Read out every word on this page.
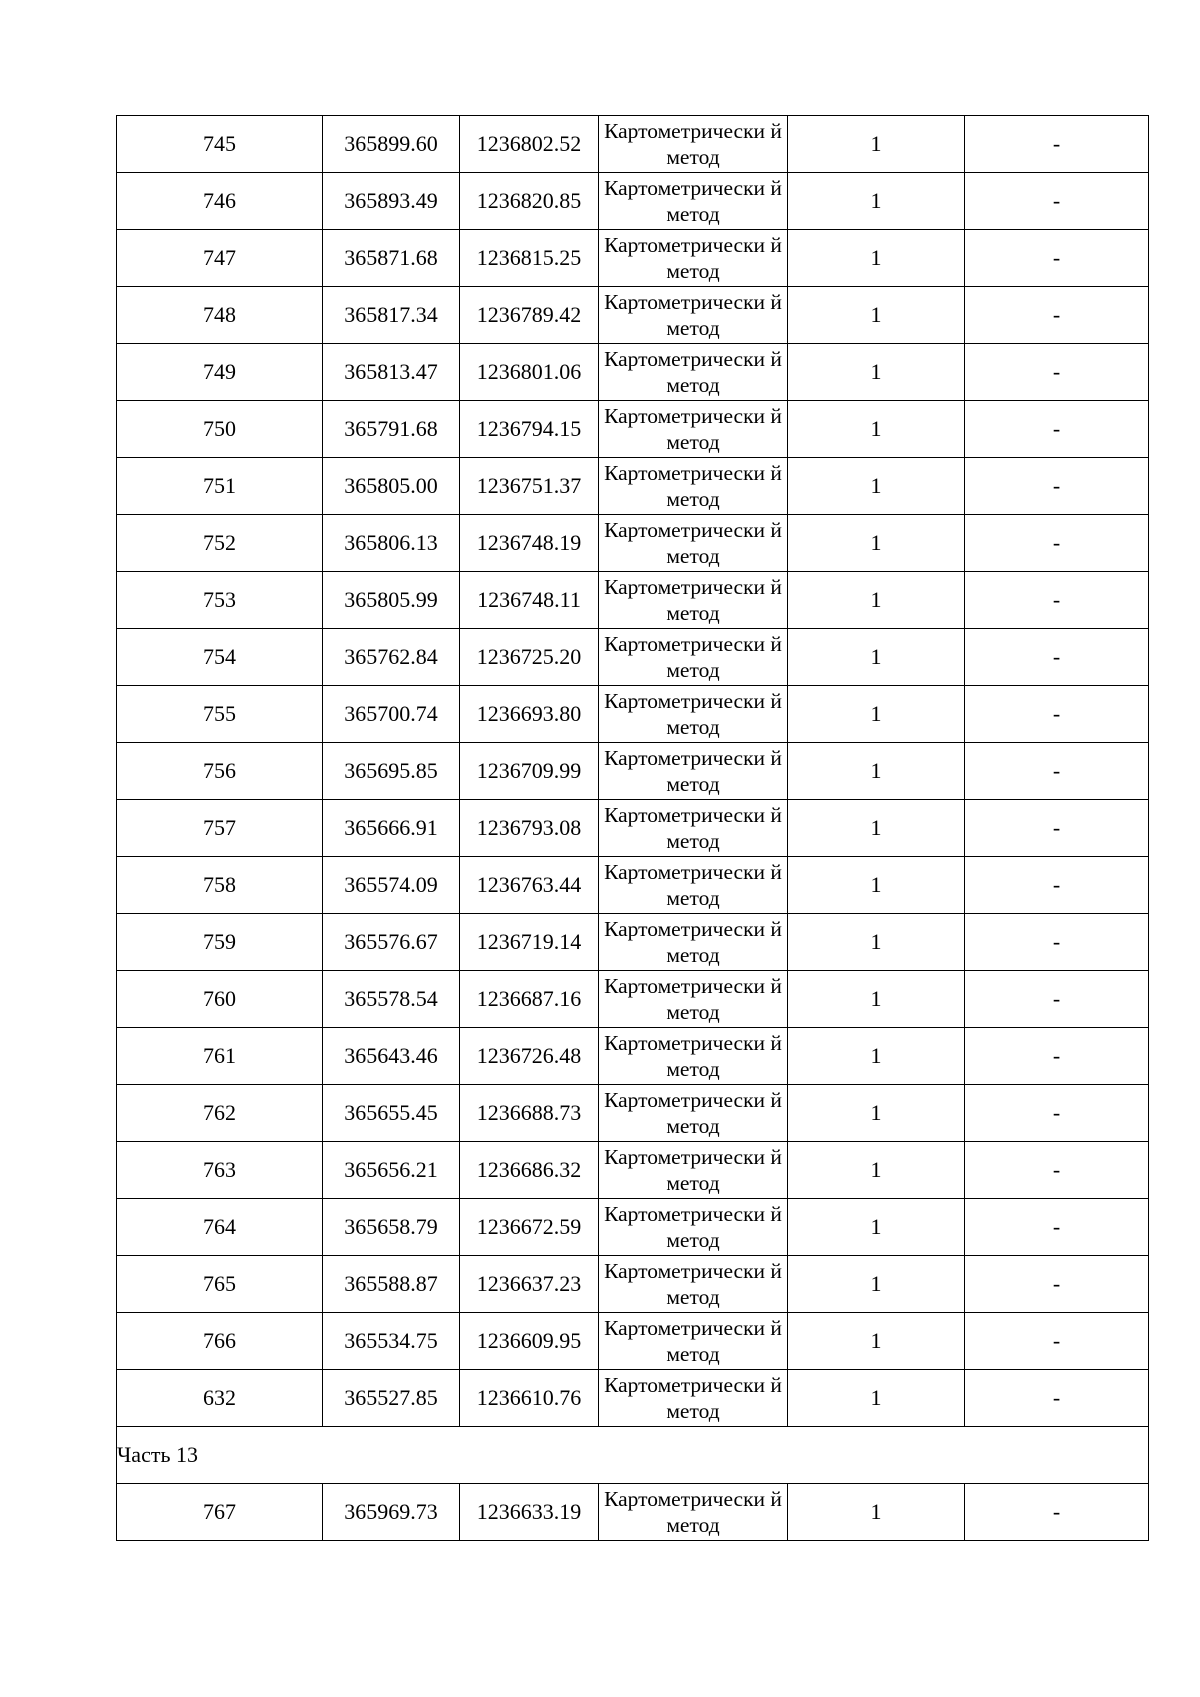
745	365899.60	1236802.52	Картометрически й метод	1	-
746	365893.49	1236820.85	Картометрически й метод	1	-
747	365871.68	1236815.25	Картометрически й метод	1	-
748	365817.34	1236789.42	Картометрически й метод	1	-
749	365813.47	1236801.06	Картометрически й метод	1	-
750	365791.68	1236794.15	Картометрически й метод	1	-
751	365805.00	1236751.37	Картометрически й метод	1	-
752	365806.13	1236748.19	Картометрически й метод	1	-
753	365805.99	1236748.11	Картометрически й метод	1	-
754	365762.84	1236725.20	Картометрически й метод	1	-
755	365700.74	1236693.80	Картометрически й метод	1	-
756	365695.85	1236709.99	Картометрически й метод	1	-
757	365666.91	1236793.08	Картометрически й метод	1	-
758	365574.09	1236763.44	Картометрически й метод	1	-
759	365576.67	1236719.14	Картометрически й метод	1	-
760	365578.54	1236687.16	Картометрически й метод	1	-
761	365643.46	1236726.48	Картометрически й метод	1	-
762	365655.45	1236688.73	Картометрически й метод	1	-
763	365656.21	1236686.32	Картометрически й метод	1	-
764	365658.79	1236672.59	Картометрически й метод	1	-
765	365588.87	1236637.23	Картометрически й метод	1	-
766	365534.75	1236609.95	Картометрически й метод	1	-
632	365527.85	1236610.76	Картометрически й метод	1	-
Часть 13					
767	365969.73	1236633.19	Картометрически й метод	1	-
